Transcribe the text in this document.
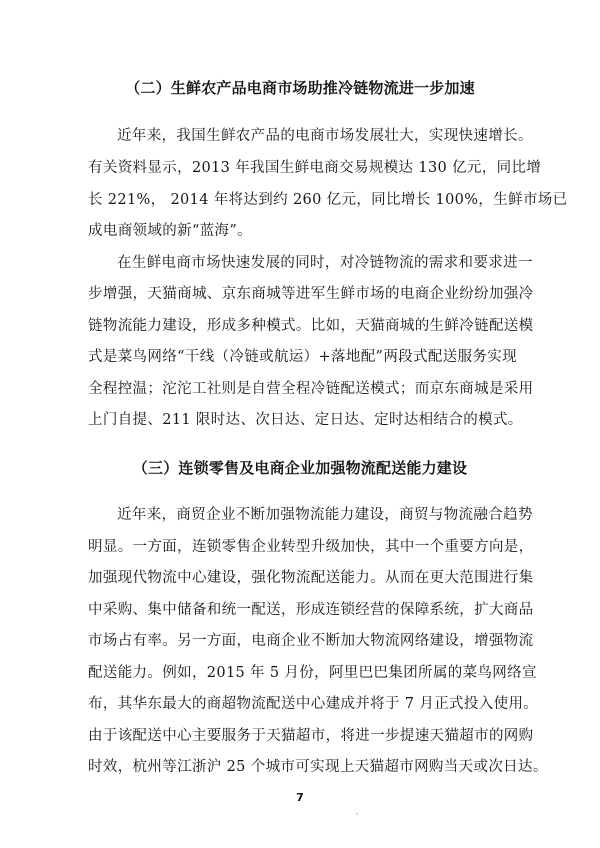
（二）生鲜农产品电商市场助推冷链物流进一步加速
近年来，我国生鲜农产品的电商市场发展壮大，实现快速增长。
有关资料显示，2013 年我国生鲜电商交易规模达 130 亿元，同比增
长 221%， 2014 年将达到约 260 亿元，同比增长 100%，生鲜市场已
成电商领域的新“蓝海”。
在生鲜电商市场快速发展的同时，对冷链物流的需求和要求进一
步增强，天猫商城、京东商城等进军生鲜市场的电商企业纷纷加强冷
链物流能力建设，形成多种模式。比如，天猫商城的生鲜冷链配送模
式是菜鸟网络“干线（冷链或航运）+落地配”两段式配送服务实现
全程控温；沱沱工社则是自营全程冷链配送模式；而京东商城是采用
上门自提、211 限时达、次日达、定日达、定时达相结合的模式。
（三）连锁零售及电商企业加强物流配送能力建设
近年来，商贸企业不断加强物流能力建设，商贸与物流融合趋势
明显。一方面，连锁零售企业转型升级加快，其中一个重要方向是，
加强现代物流中心建设，强化物流配送能力。从而在更大范围进行集
中采购、集中储备和统一配送，形成连锁经营的保障系统，扩大商品
市场占有率。另一方面，电商企业不断加大物流网络建设，增强物流
配送能力。例如，2015 年 5 月份，阿里巴巴集团所属的菜鸟网络宣
布，其华东最大的商超物流配送中心建成并将于 7 月正式投入使用。
由于该配送中心主要服务于天猫超市，将进一步提速天猫超市的网购
时效，杭州等江浙沪 25 个城市可实现上天猫超市网购当天或次日达。
7
